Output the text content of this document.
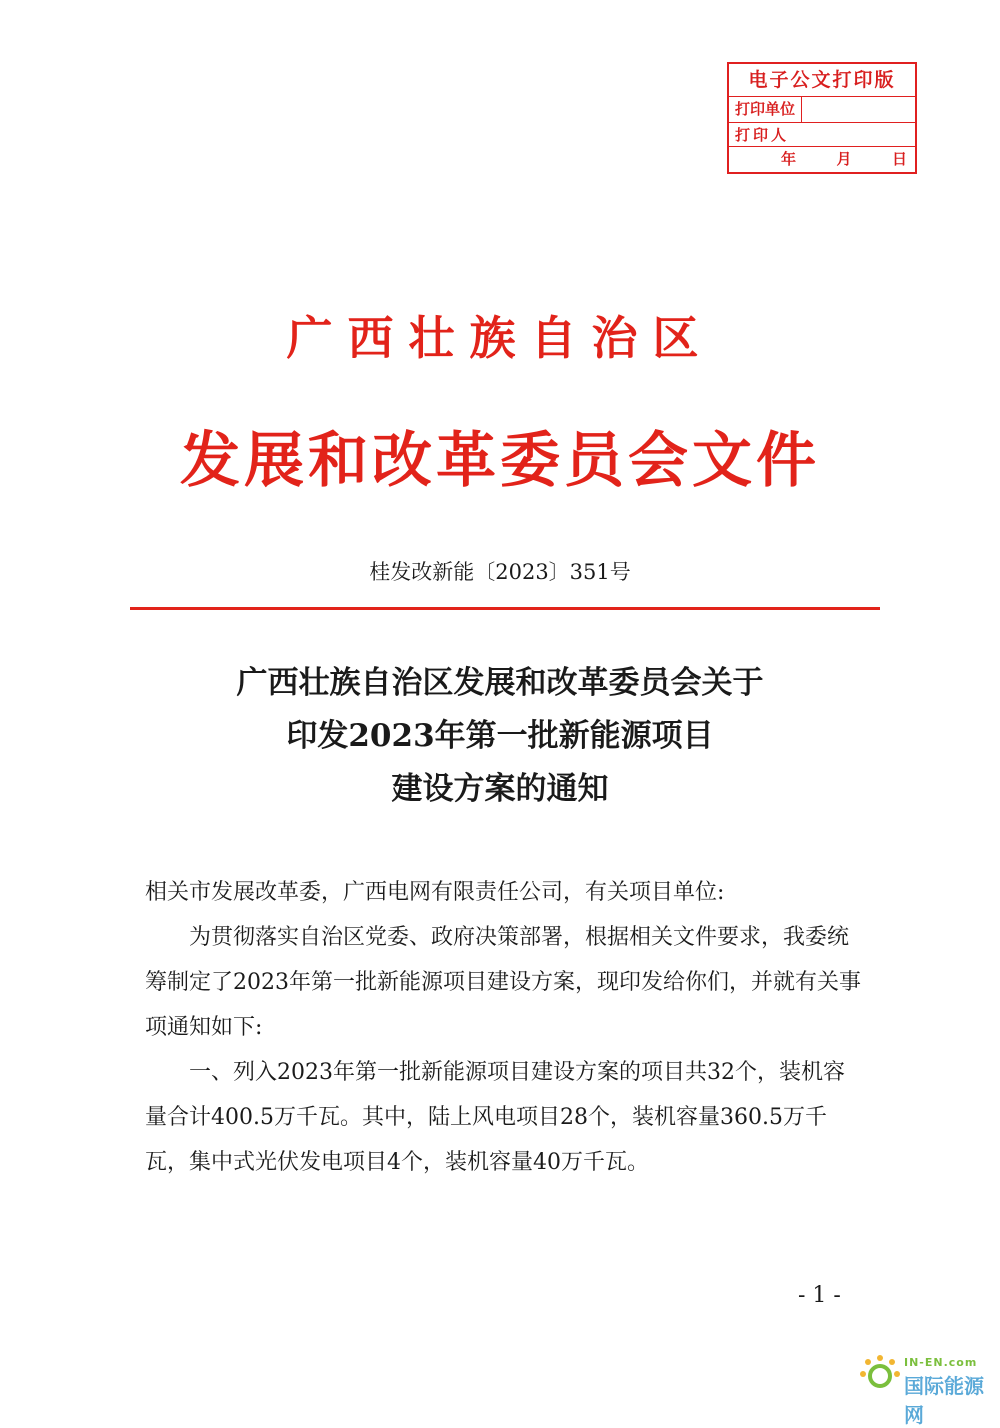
电子公文打印版
打印单位
打印人
年	月	日
广西壮族自治区
发展和改革委员会文件
桂发改新能〔2023〕351号
广西壮族自治区发展和改革委员会关于
印发2023年第一批新能源项目
建设方案的通知

相关市发展改革委，广西电网有限责任公司，有关项目单位:

为贯彻落实自治区党委、政府决策部署，根据相关文件要求，我委统筹制定了2023年第一批新能源项目建设方案，现印发给你们，并就有关事项通知如下:

一、列入2023年第一批新能源项目建设方案的项目共32个，装机容量合计400.5万千瓦。其中，陆上风电项目28个，装机容量360.5万千瓦，集中式光伏发电项目4个，装机容量40万千瓦。

- 1 -
IN-EN.com
国际能源网
